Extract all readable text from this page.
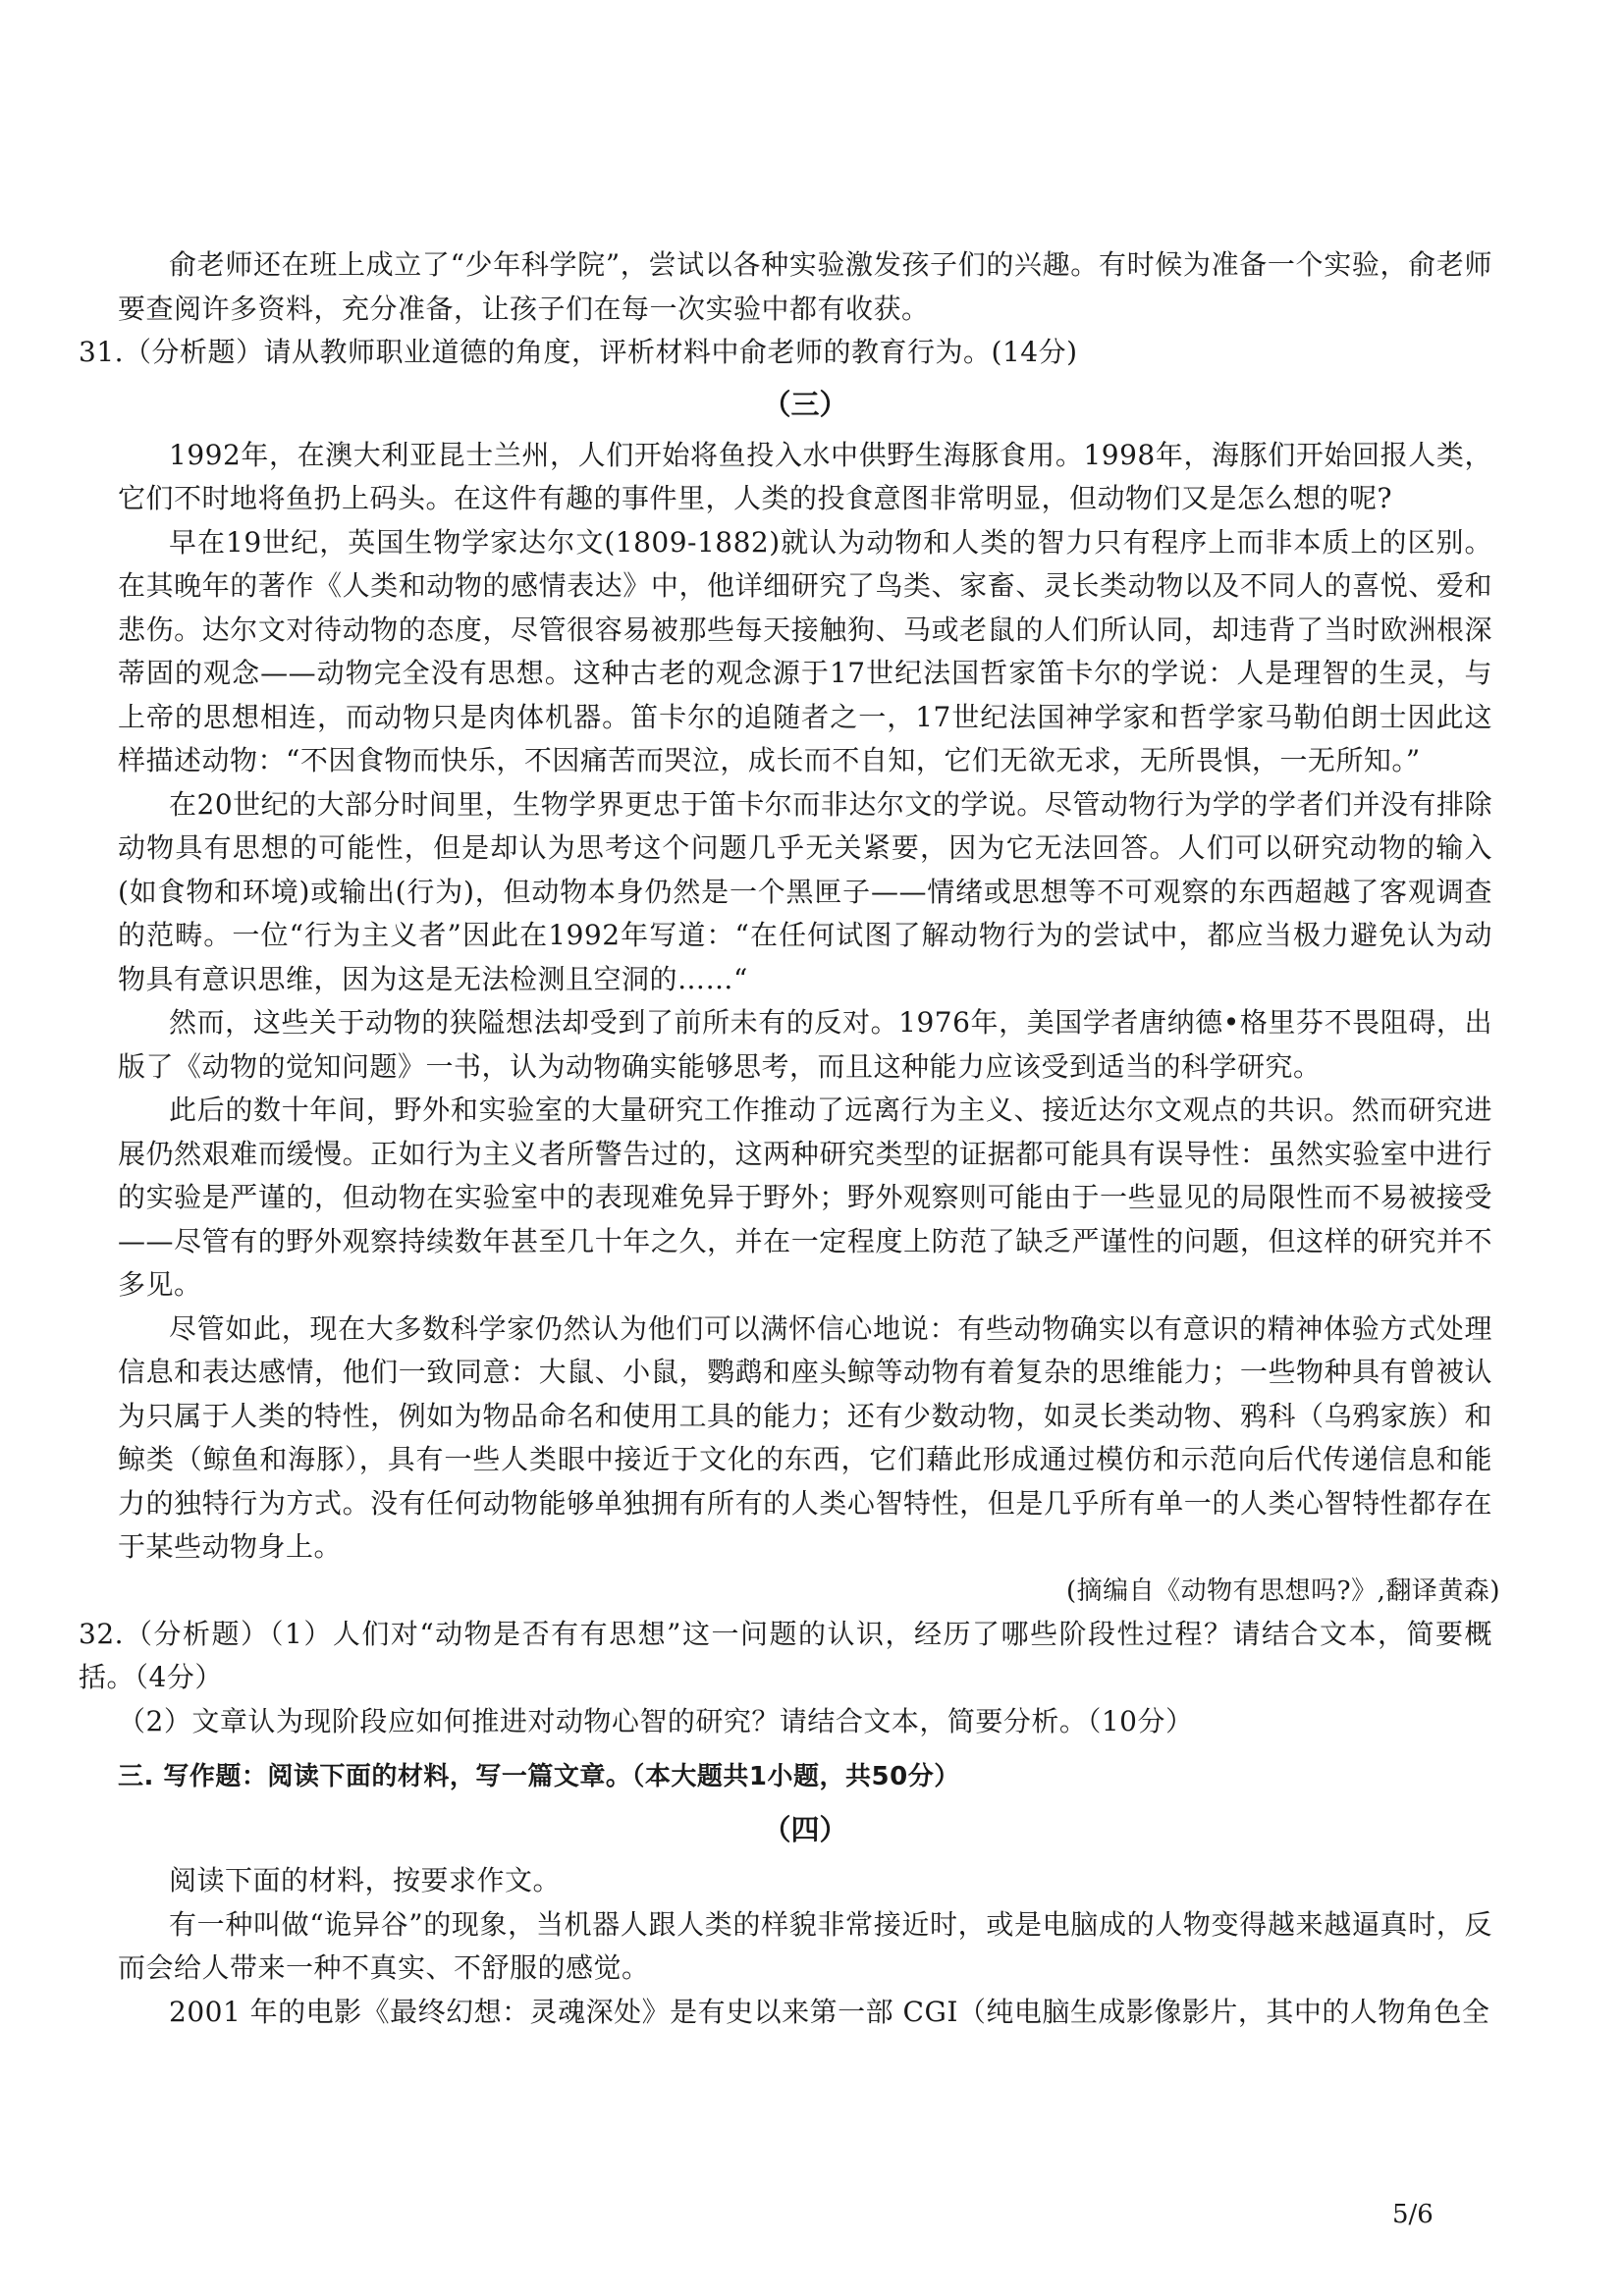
俞老师还在班上成立了“少年科学院”，尝试以各种实验激发孩子们的兴趣。有时候为准备一个实验，俞老师要查阅许多资料，充分准备，让孩子们在每一次实验中都有收获。

31.（分析题）请从教师职业道德的角度，评析材料中俞老师的教育行为。(14分)

（三）

1992年，在澳大利亚昆士兰州，人们开始将鱼投入水中供野生海豚食用。1998年，海豚们开始回报人类，它们不时地将鱼扔上码头。在这件有趣的事件里，人类的投食意图非常明显，但动物们又是怎么想的呢?

早在19世纪，英国生物学家达尔文(1809-1882)就认为动物和人类的智力只有程序上而非本质上的区别。在其晚年的著作《人类和动物的感情表达》中，他详细研究了鸟类、家畜、灵长类动物以及不同人的喜悦、爱和悲伤。达尔文对待动物的态度，尽管很容易被那些每天接触狗、马或老鼠的人们所认同，却违背了当时欧洲根深蒂固的观念——动物完全没有思想。这种古老的观念源于17世纪法国哲家笛卡尔的学说：人是理智的生灵，与上帝的思想相连，而动物只是肉体机器。笛卡尔的追随者之一，17世纪法国神学家和哲学家马勒伯朗士因此这样描述动物：“不因食物而快乐，不因痛苦而哭泣，成长而不自知，它们无欲无求，无所畏惧，一无所知。”

在20世纪的大部分时间里，生物学界更忠于笛卡尔而非达尔文的学说。尽管动物行为学的学者们并没有排除动物具有思想的可能性，但是却认为思考这个问题几乎无关紧要，因为它无法回答。人们可以研究动物的输入(如食物和环境)或输出(行为)，但动物本身仍然是一个黑匣子——情绪或思想等不可观察的东西超越了客观调查的范畴。一位“行为主义者”因此在1992年写道：“在任何试图了解动物行为的尝试中，都应当极力避免认为动物具有意识思维，因为这是无法检测且空洞的……“

然而，这些关于动物的狭隘想法却受到了前所未有的反对。1976年，美国学者唐纳德•格里芬不畏阻碍，出版了《动物的觉知问题》一书，认为动物确实能够思考，而且这种能力应该受到适当的科学研究。

此后的数十年间，野外和实验室的大量研究工作推动了远离行为主义、接近达尔文观点的共识。然而研究进展仍然艰难而缓慢。正如行为主义者所警告过的，这两种研究类型的证据都可能具有误导性：虽然实验室中进行的实验是严谨的，但动物在实验室中的表现难免异于野外；野外观察则可能由于一些显见的局限性而不易被接受——尽管有的野外观察持续数年甚至几十年之久，并在一定程度上防范了缺乏严谨性的问题，但这样的研究并不多见。

尽管如此，现在大多数科学家仍然认为他们可以满怀信心地说：有些动物确实以有意识的精神体验方式处理信息和表达感情，他们一致同意：大鼠、小鼠，鹦鹉和座头鲸等动物有着复杂的思维能力；一些物种具有曾被认为只属于人类的特性，例如为物品命名和使用工具的能力；还有少数动物，如灵长类动物、鸦科（乌鸦家族）和鲸类（鲸鱼和海豚），具有一些人类眼中接近于文化的东西，它们藉此形成通过模仿和示范向后代传递信息和能力的独特行为方式。没有任何动物能够单独拥有所有的人类心智特性，但是几乎所有单一的人类心智特性都存在于某些动物身上。

(摘编自《动物有思想吗?》,翻译黄森)

32.（分析题）（1）人们对“动物是否有有思想”这一问题的认识，经历了哪些阶段性过程？请结合文本，简要概括。（4分）

（2）文章认为现阶段应如何推进对动物心智的研究？请结合文本，简要分析。（10分）

三. 写作题：阅读下面的材料，写一篇文章。（本大题共1小题，共50分）

（四）

阅读下面的材料，按要求作文。

有一种叫做“诡异谷”的现象，当机器人跟人类的样貌非常接近时，或是电脑成的人物变得越来越逼真时，反而会给人带来一种不真实、不舒服的感觉。

2001 年的电影《最终幻想：灵魂深处》是有史以来第一部 CGI（纯电脑生成影像影片，其中的人物角色全

5/6
